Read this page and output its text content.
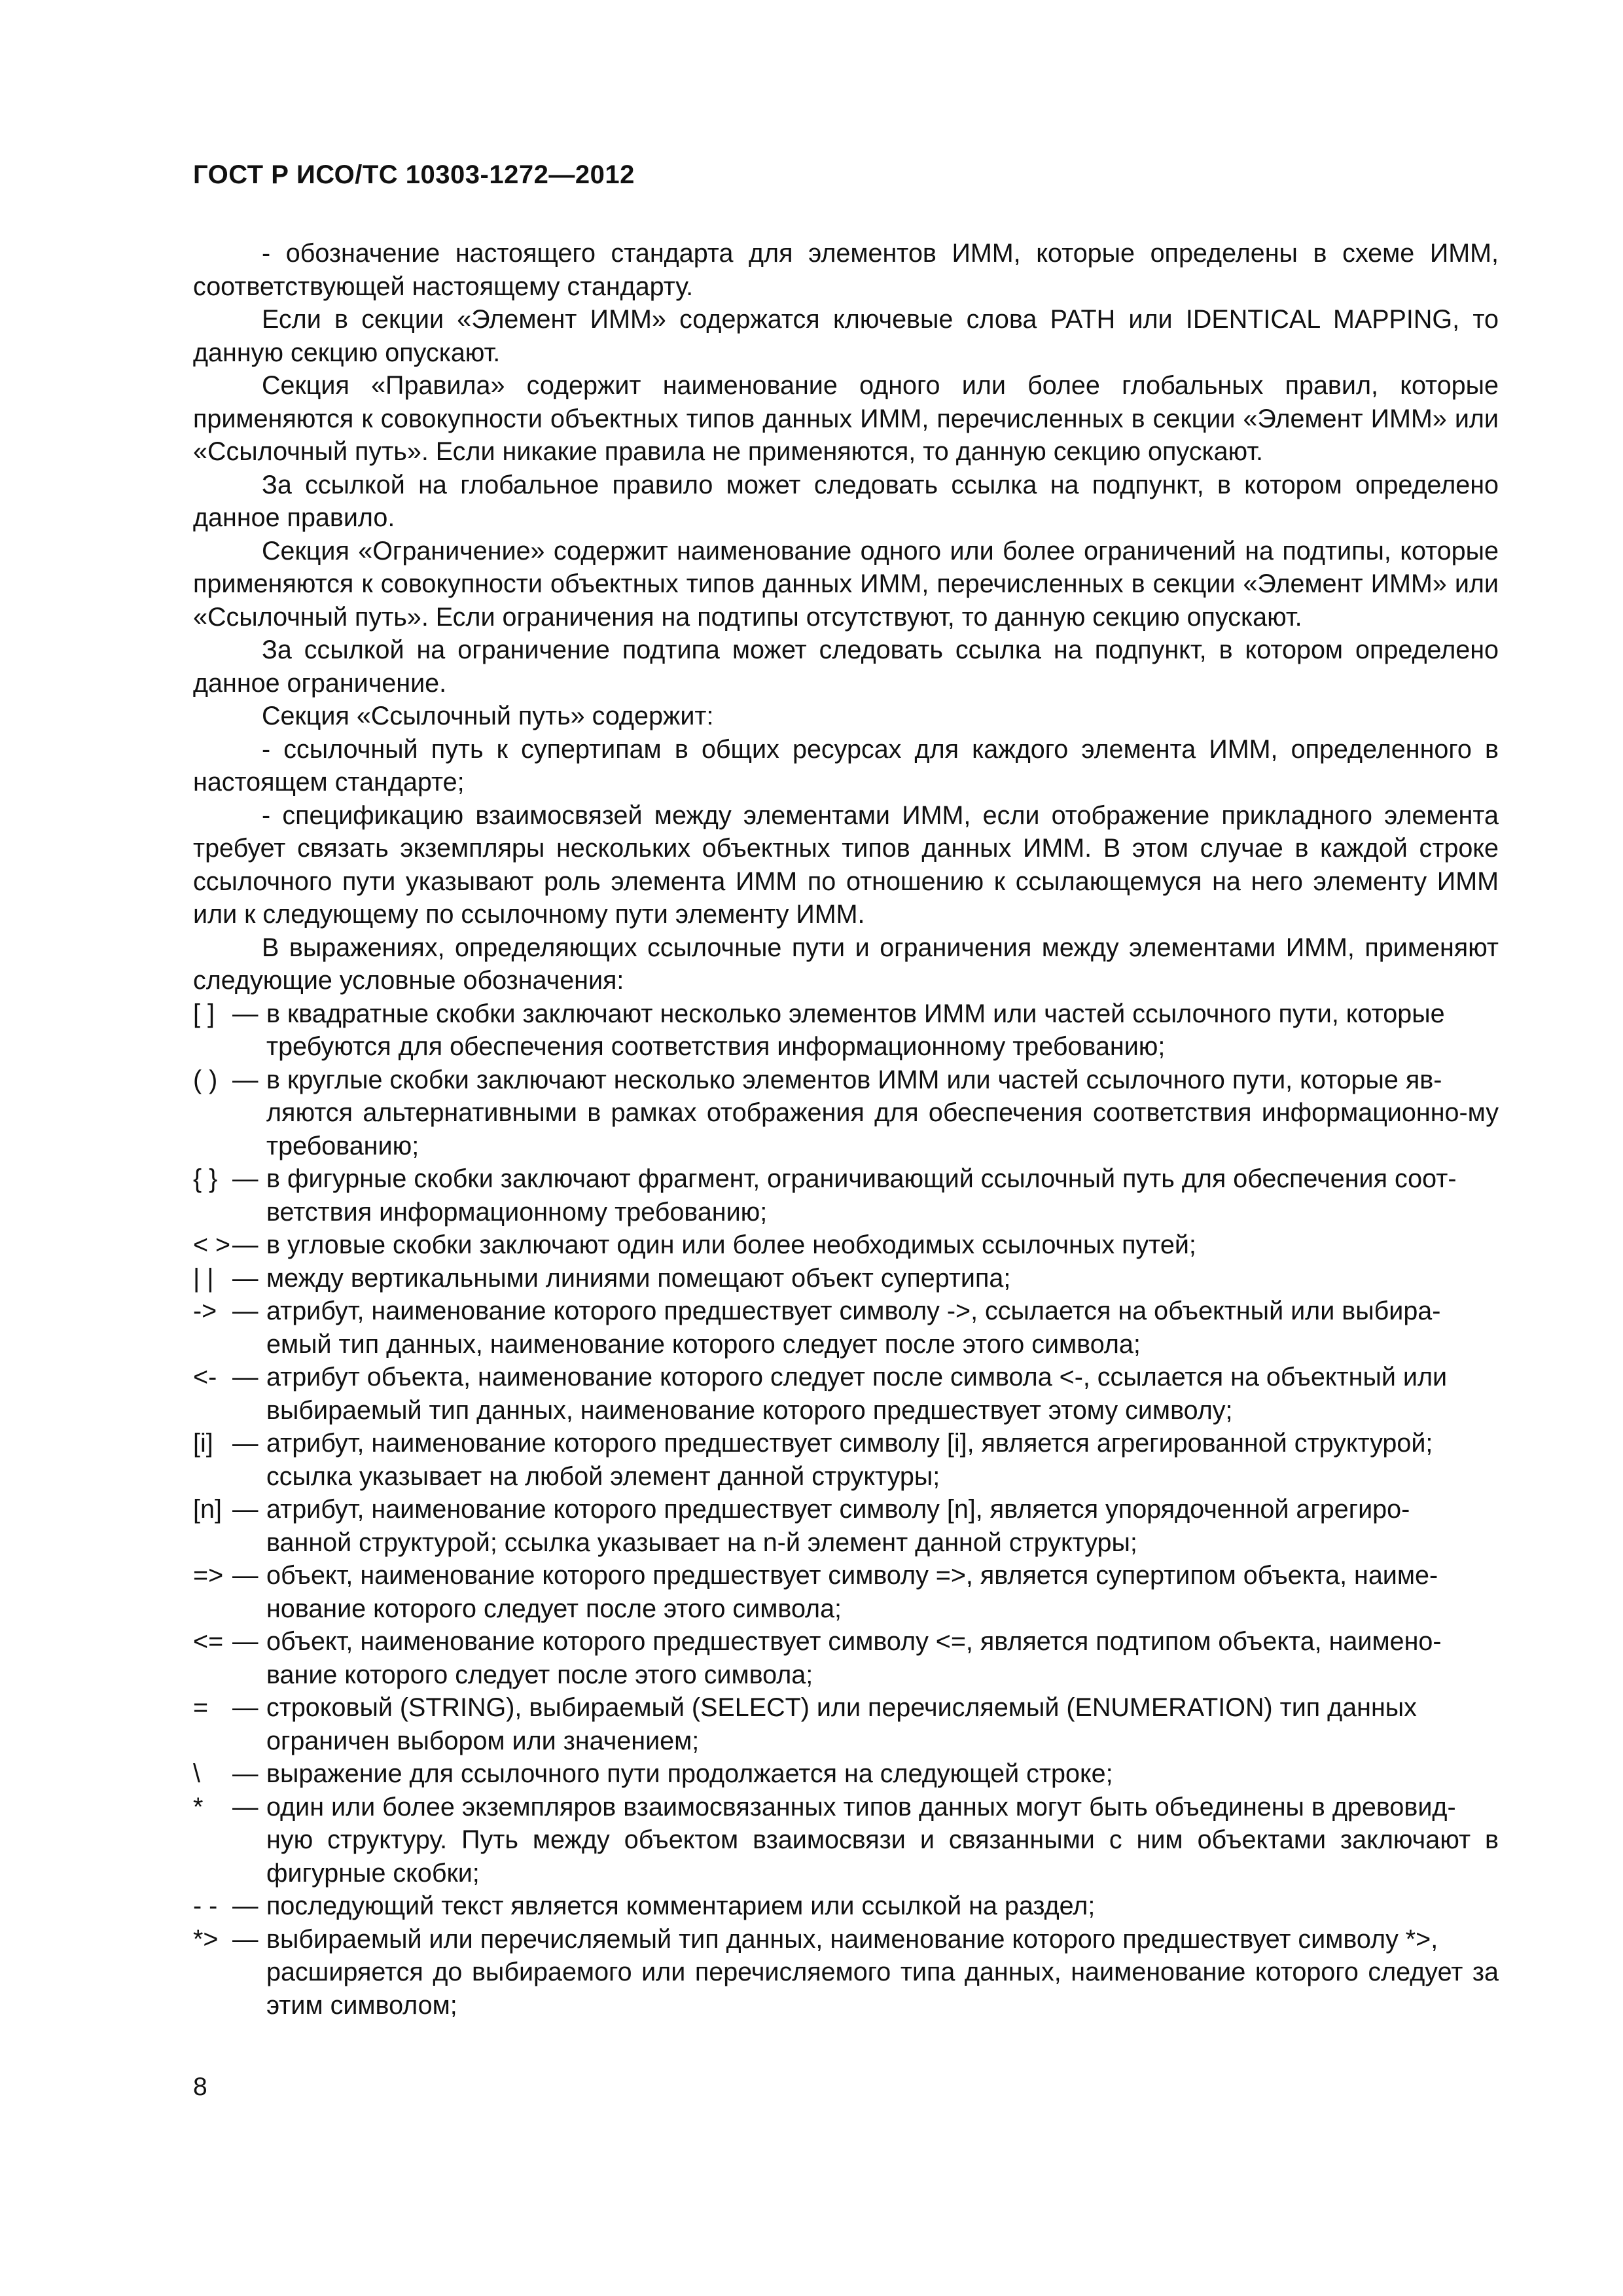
ГОСТ Р ИСО/ТС 10303-1272—2012

- обозначение настоящего стандарта для элементов ИММ, которые определены в схеме ИММ, соответствующей настоящему стандарту.

Если в секции «Элемент ИММ» содержатся ключевые слова PATH или IDENTICAL MAPPING, то данную секцию опускают.

Секция «Правила» содержит наименование одного или более глобальных правил, которые применяются к совокупности объектных типов данных ИММ, перечисленных в секции «Элемент ИММ» или «Ссылочный путь». Если никакие правила не применяются, то данную секцию опускают.

За ссылкой на глобальное правило может следовать ссылка на подпункт, в котором определено данное правило.

Секция «Ограничение» содержит наименование одного или более ограничений на подтипы, которые применяются к совокупности объектных типов данных ИММ, перечисленных в секции «Элемент ИММ» или «Ссылочный путь». Если ограничения на подтипы отсутствуют, то данную секцию опускают.

За ссылкой на ограничение подтипа может следовать ссылка на подпункт, в котором определено данное ограничение.

Секция «Ссылочный путь» содержит:

- ссылочный путь к супертипам в общих ресурсах для каждого элемента ИММ, определенного в настоящем стандарте;

- спецификацию взаимосвязей между элементами ИММ, если отображение прикладного элемента требует связать экземпляры нескольких объектных типов данных ИММ. В этом случае в каждой строке ссылочного пути указывают роль элемента ИММ по отношению к ссылающемуся на него элементу ИММ или к следующему по ссылочному пути элементу ИММ.

В выражениях, определяющих ссылочные пути и ограничения между элементами ИММ, применяют следующие условные обозначения:

[ ] — в квадратные скобки заключают несколько элементов ИММ или частей ссылочного пути, которые
требуются для обеспечения соответствия информационному требованию;
( ) — в круглые скобки заключают несколько элементов ИММ или частей ссылочного пути, которые яв-
ляются альтернативными в рамках отображения для обеспечения соответствия информационно-му требованию;
{ } — в фигурные скобки заключают фрагмент, ограничивающий ссылочный путь для обеспечения соот-
ветствия информационному требованию;
< > — в угловые скобки заключают один или более необходимых ссылочных путей;
| | — между вертикальными линиями помещают объект супертипа;
-> — атрибут, наименование которого предшествует символу ->, ссылается на объектный или выбира-
емый тип данных, наименование которого следует после этого символа;
<- — атрибут объекта, наименование которого следует после символа <-, ссылается на объектный или
выбираемый тип данных, наименование которого предшествует этому символу;
[i] — атрибут, наименование которого предшествует символу [i], является агрегированной структурой;
ссылка указывает на любой элемент данной структуры;
[n] — атрибут, наименование которого предшествует символу [n], является упорядоченной агрегиро-
ванной структурой; ссылка указывает на n-й элемент данной структуры;
=> — объект, наименование которого предшествует символу =>, является супертипом объекта, наиме-
нование которого следует после этого символа;
<= — объект, наименование которого предшествует символу <=, является подтипом объекта, наимено-
вание которого следует после этого символа;
= — строковый (STRING), выбираемый (SELECT) или перечисляемый (ENUMERATION) тип данных
ограничен выбором или значением;
\	— выражение для ссылочного пути продолжается на следующей строке;
*	— один или более экземпляров взаимосвязанных типов данных могут быть объединены в древовид-
ную структуру. Путь между объектом взаимосвязи и связанными с ним объектами заключают в фигурные скобки;
- - — последующий текст является комментарием или ссылкой на раздел;
*> — выбираемый или перечисляемый тип данных, наименование которого предшествует символу *>,
расширяется до выбираемого или перечисляемого типа данных, наименование которого следует за этим символом;
8
